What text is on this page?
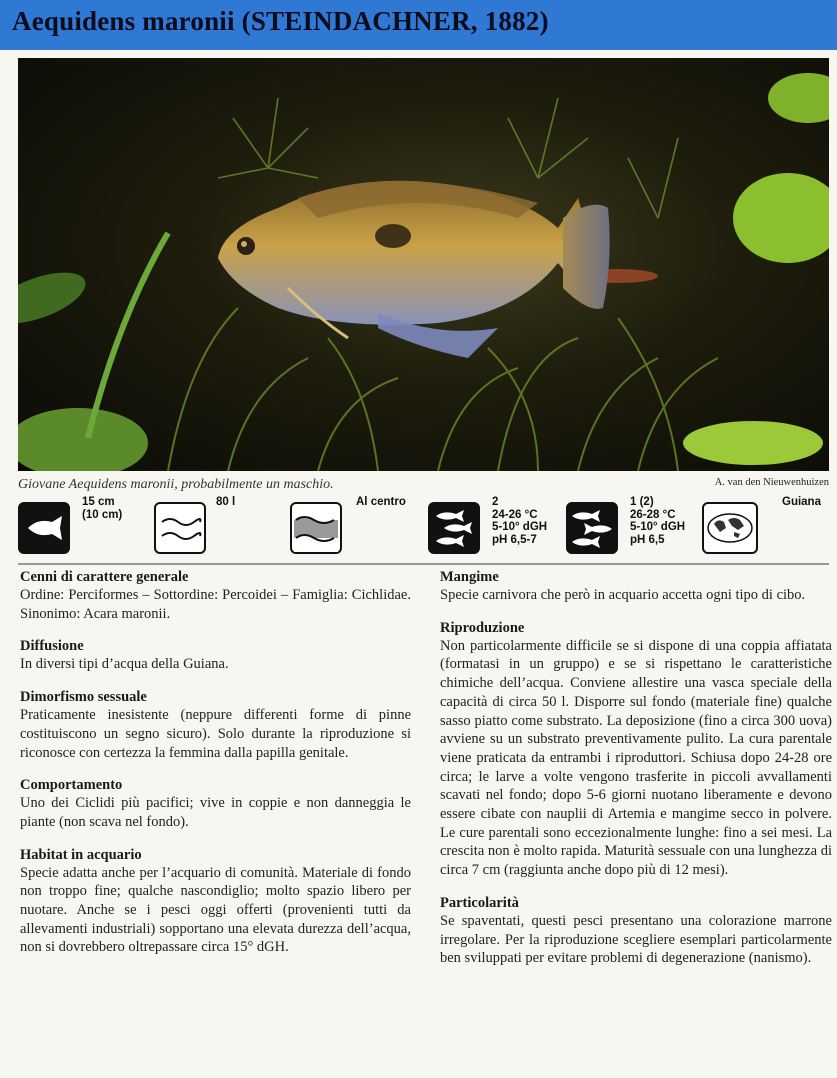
Aequidens maronii (STEINDACHNER, 1882)
Giovane Aequidens maronii, probabilmente un maschio.	A. van den Nieuwenhuizen
15 cm
(10 cm)
80 l	Al centro	2
24-26 °C
5-10° dGH
pH 6,5-7
1 (2)
26-28 °C
5-10° dGH
pH 6,5
Guiana
Cenni di carattere generale

Ordine: Perciformes – Sottordine: Percoidei – Famiglia: Cichlidae. Sinonimo: Acara maronii.

Diffusione

In diversi tipi d’acqua della Guiana.

Dimorfismo sessuale

Praticamente inesistente (neppure differenti forme di pinne costituiscono un segno sicuro). Solo durante la riproduzione si riconosce con certezza la femmina dalla papilla genitale.

Comportamento

Uno dei Ciclidi più pacifici; vive in coppie e non danneggia le piante (non scava nel fondo).

Habitat in acquario

Specie adatta anche per l’acquario di comunità. Materiale di fondo non troppo fine; qualche nascondiglio; molto spazio libero per nuotare. Anche se i pesci oggi offerti (provenienti tutti da allevamenti industriali) sopportano una elevata durezza dell’acqua, non si dovrebbero oltrepassare circa 15° dGH.

Mangime

Specie carnivora che però in acquario accetta ogni tipo di cibo.

Riproduzione

Non particolarmente difficile se si dispone di una coppia affiatata (formatasi in un gruppo) e se si rispettano le caratteristiche chimiche dell’acqua. Conviene allestire una vasca speciale della capacità di circa 50 l. Disporre sul fondo (materiale fine) qualche sasso piatto come substrato. La deposizione (fino a circa 300 uova) avviene su un substrato preventivamente pulito. La cura parentale viene praticata da entrambi i riproduttori. Schiusa dopo 24-28 ore circa; le larve a volte vengono trasferite in piccoli avvallamenti scavati nel fondo; dopo 5-6 giorni nuotano liberamente e devono essere cibate con nauplii di Artemia e mangime secco in polvere. Le cure parentali sono eccezionalmente lunghe: fino a sei mesi. La crescita non è molto rapida. Maturità sessuale con una lunghezza di circa 7 cm (raggiunta anche dopo più di 12 mesi).

Particolarità

Se spaventati, questi pesci presentano una colorazione marrone irregolare. Per la riproduzione scegliere esemplari particolarmente ben sviluppati per evitare problemi di degenerazione (nanismo).
